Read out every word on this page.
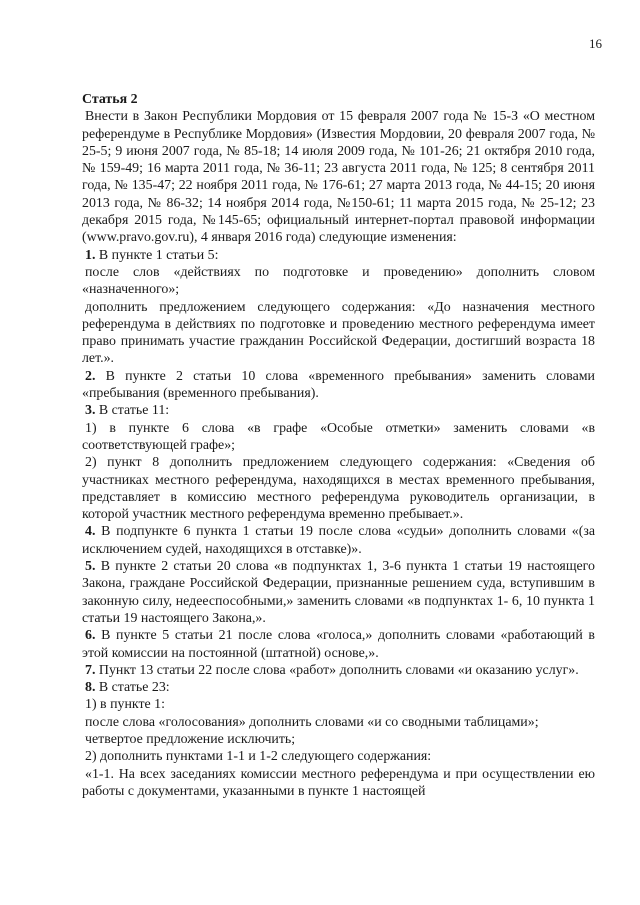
16

Статья 2

Внести в Закон Республики Мордовия от 15 февраля 2007 года № 15-З «О местном референдуме в Республике Мордовия» (Известия Мордовии, 20 февраля 2007 года, № 25-5; 9 июня 2007 года, № 85-18; 14 июля 2009 года, № 101-26; 21 октября 2010 года, № 159-49; 16 марта 2011 года, № 36-11; 23 августа 2011 года, № 125; 8 сентября 2011 года, № 135-47; 22 ноября 2011 года, № 176-61; 27 марта 2013 года, № 44-15; 20 июня 2013 года, № 86-32; 14 ноября 2014 года, №150-61; 11 марта 2015 года, № 25-12; 23 декабря 2015 года, №145-65; официальный интернет-портал правовой информации (www.pravo.gov.ru), 4 января 2016 года) следующие изменения:

1. В пункте 1 статьи 5:

после слов «действиях по подготовке и проведению» дополнить словом «назначенного»;

дополнить предложением следующего содержания: «До назначения местного референдума в действиях по подготовке и проведению местного референдума имеет право принимать участие гражданин Российской Федерации, достигший возраста 18 лет.».

2. В пункте 2 статьи 10 слова «временного пребывания» заменить словами «пребывания (временного пребывания).

3. В статье 11:

1) в пункте 6 слова «в графе «Особые отметки» заменить словами «в соответствующей графе»;

2) пункт 8 дополнить предложением следующего содержания: «Сведения об участниках местного референдума, находящихся в местах временного пребывания, представляет в комиссию местного референдума руководитель организации, в которой участник местного референдума временно пребывает.».

4. В подпункте 6 пункта 1 статьи 19 после слова «судьи» дополнить словами «(за исключением судей, находящихся в отставке)».

5. В пункте 2 статьи 20 слова «в подпунктах 1, 3-6 пункта 1 статьи 19 настоящего Закона, граждане Российской Федерации, признанные решением суда, вступившим в законную силу, недееспособными,» заменить словами «в подпунктах 1- 6, 10 пункта 1 статьи 19 настоящего Закона,».

6. В пункте 5 статьи 21 после слова «голоса,» дополнить словами «работающий в этой комиссии на постоянной (штатной) основе,».

7. Пункт 13 статьи 22 после слова «работ» дополнить словами «и оказанию услуг».

8. В статье 23:

1) в пункте 1:

после слова «голосования» дополнить словами «и со сводными таблицами»;

четвертое предложение исключить;

2) дополнить пунктами 1-1 и 1-2 следующего содержания:

«1-1. На всех заседаниях комиссии местного референдума и при осуществлении ею работы с документами, указанными в пункте 1 настоящей
